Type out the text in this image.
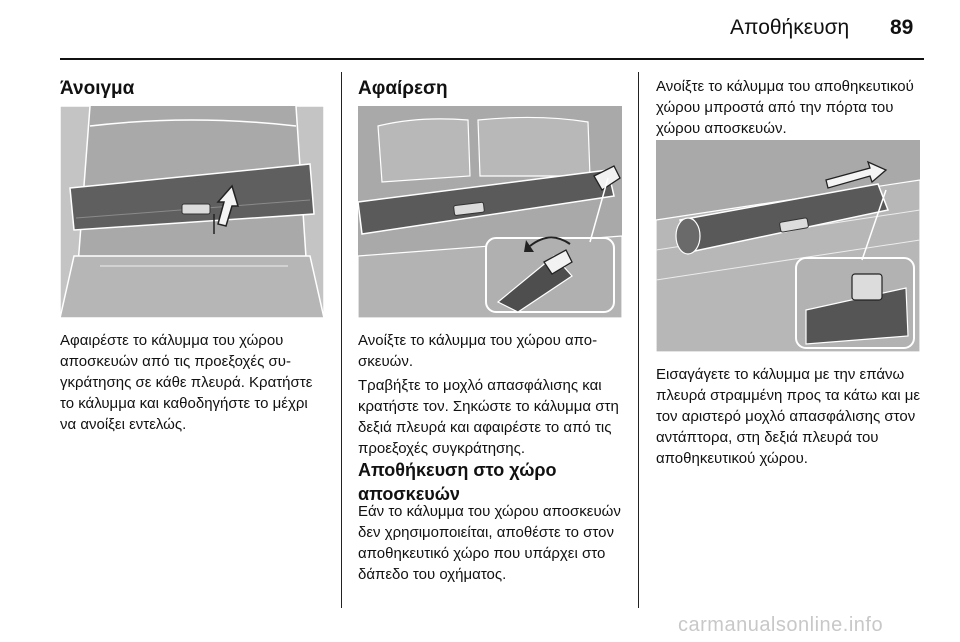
Αποθήκευση 89
Άνοιγμα

Αφαιρέστε το κάλυμμα του χώρου αποσκευών από τις προεξοχές συγκράτησης σε κάθε πλευρά. Κρατήστε το κάλυμμα και καθοδηγήστε το μέχρι να ανοίξει εντελώς.

Αφαίρεση

Ανοίξτε το κάλυμμα του χώρου αποσκευών.

Τραβήξτε το μοχλό απασφάλισης και κρατήστε τον. Σηκώστε το κάλυμμα στη δεξιά πλευρά και αφαιρέστε το από τις προεξοχές συγκράτησης.

Αποθήκευση στο χώρο αποσκευών

Εάν το κάλυμμα του χώρου αποσκευών δεν χρησιμοποιείται, αποθέστε το στον αποθηκευτικό χώρο που υπάρχει στο δάπεδο του οχήματος.

Ανοίξτε το κάλυμμα του αποθηκευτικού χώρου μπροστά από την πόρτα του χώρου αποσκευών.

Εισαγάγετε το κάλυμμα με την επάνω πλευρά στραμμένη προς τα κάτω και με τον αριστερό μοχλό απασφάλισης στον αντάπτορα, στη δεξιά πλευρά του αποθηκευτικού χώρου.

carmanualsonline.info
